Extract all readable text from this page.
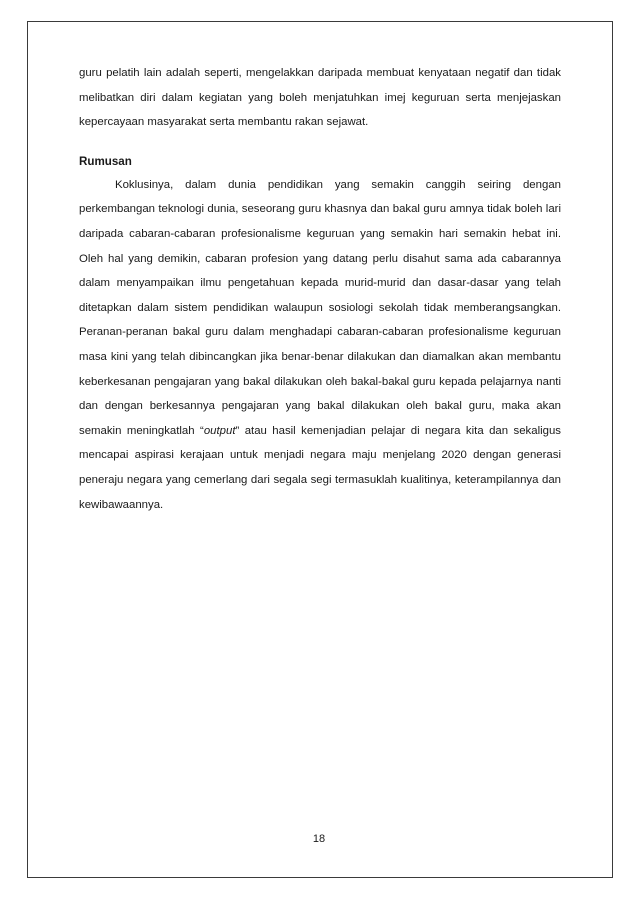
guru pelatih lain adalah seperti, mengelakkan daripada membuat kenyataan negatif dan tidak melibatkan diri dalam kegiatan yang boleh menjatuhkan imej keguruan serta menjejaskan kepercayaan masyarakat serta membantu rakan sejawat.

Rumusan

Koklusinya, dalam dunia pendidikan yang semakin canggih seiring dengan perkembangan teknologi dunia, seseorang guru khasnya dan bakal guru amnya tidak boleh lari daripada cabaran-cabaran profesionalisme keguruan yang semakin hari semakin hebat ini. Oleh hal yang demikin, cabaran profesion yang datang perlu disahut sama ada cabarannya dalam menyampaikan ilmu pengetahuan kepada murid-murid dan dasar-dasar yang telah ditetapkan dalam sistem pendidikan walaupun sosiologi sekolah tidak memberangsangkan. Peranan-peranan bakal guru dalam menghadapi cabaran-cabaran profesionalisme keguruan masa kini yang telah dibincangkan jika benar-benar dilakukan dan diamalkan akan membantu keberkesanan pengajaran yang bakal dilakukan oleh bakal-bakal guru kepada pelajarnya nanti dan dengan berkesannya pengajaran yang bakal dilakukan oleh bakal guru, maka akan semakin meningkatlah “output” atau hasil kemenjadian pelajar di negara kita dan sekaligus mencapai aspirasi kerajaan untuk menjadi negara maju menjelang 2020 dengan generasi peneraju negara yang cemerlang dari segala segi termasuklah kualitinya, keterampilannya dan kewibawaannya.

18
